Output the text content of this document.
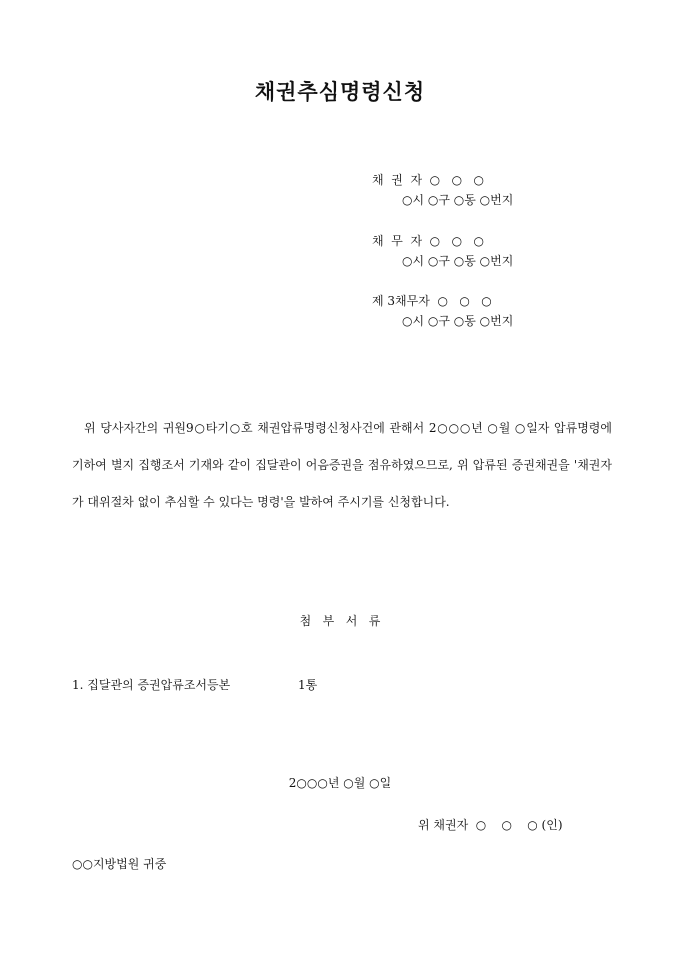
채권추심명령신청
채  권  자  ○   ○   ○
○시 ○구 ○동 ○번지
채  무  자  ○   ○   ○
○시 ○구 ○동 ○번지
제 3채무자  ○   ○   ○
○시 ○구 ○동 ○번지
위 당사자간의 귀원9○타기○호 채권압류명령신청사건에 관해서 2○○○년 ○월 ○일자 압류명령에 기하여 별지 집행조서 기재와 같이 집달관이 어음증권을 점유하였으므로, 위 압류된 증권채권을 '채권자가 대위절차 없이 추심할 수 있다는 명령'을 발하여 주시기를 신청합니다.
첨   부   서   류
1. 집달관의 증권압류조서등본	1통
2○○○년 ○월 ○일
위 채권자  ○    ○    ○ (인)
○○지방법원 귀중
